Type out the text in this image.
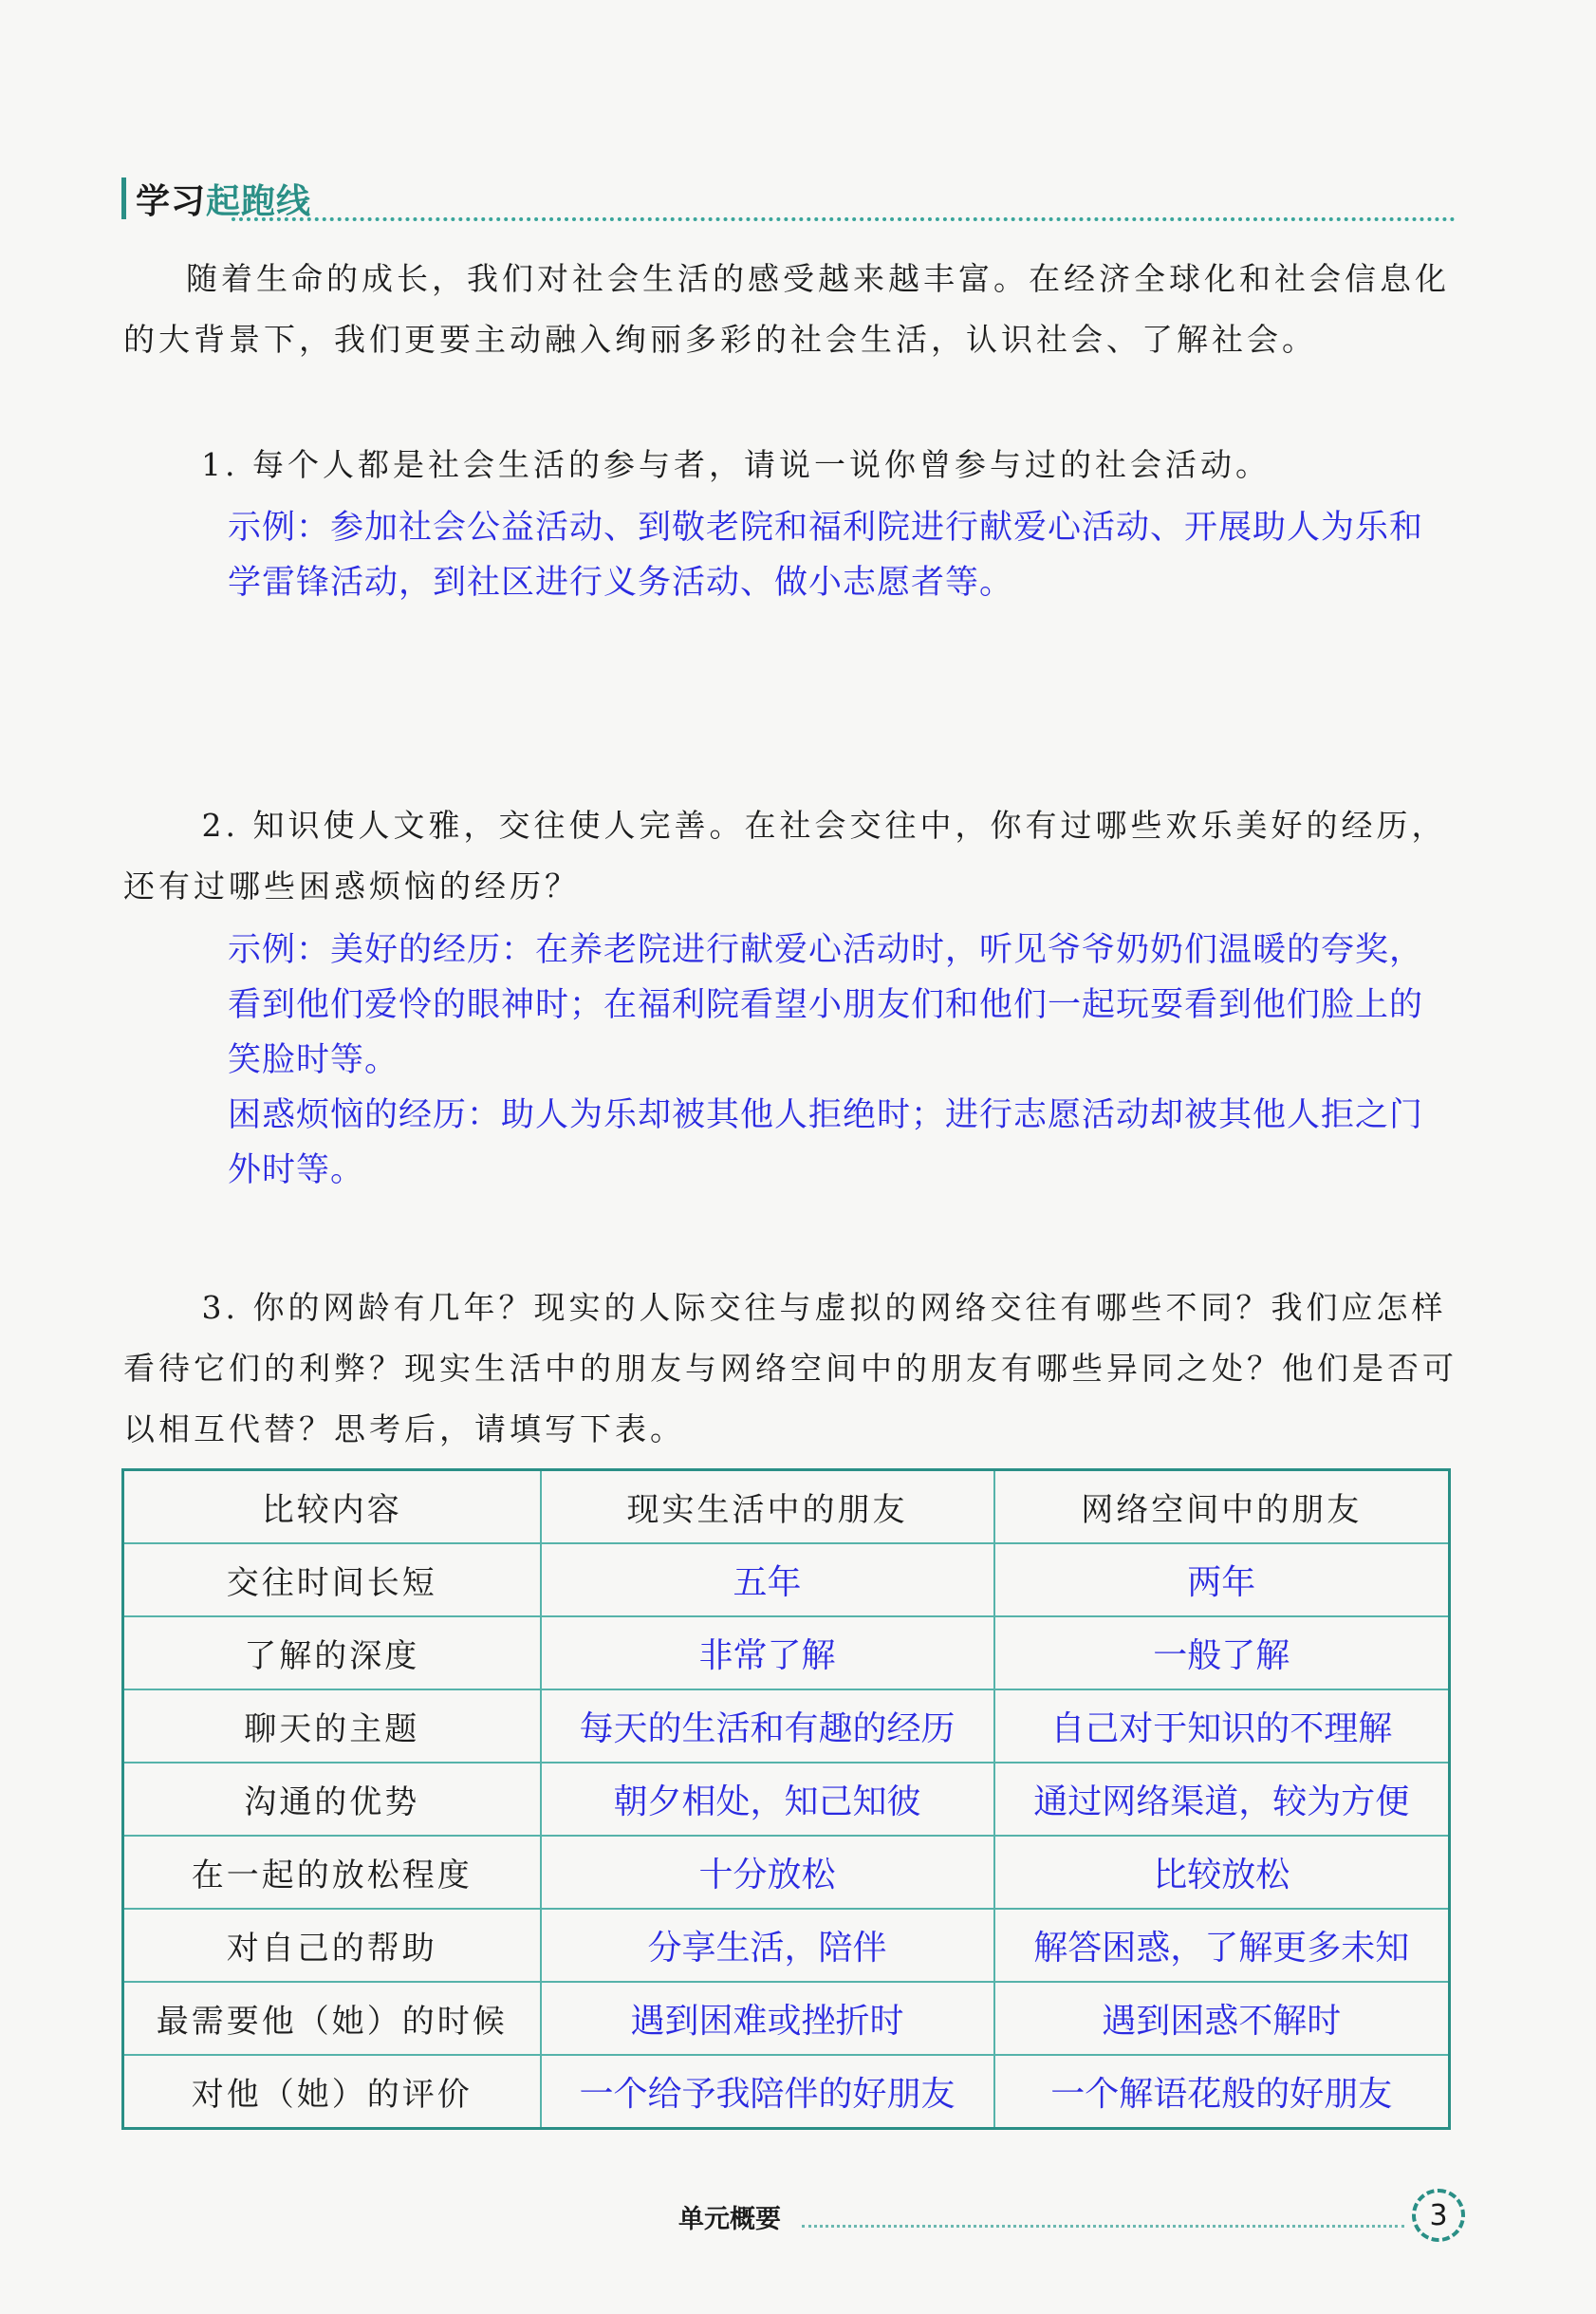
学习 起跑线
随着生命的成长，我们对社会生活的感受越来越丰富。在经济全球化和社会信息化的大背景下，我们更要主动融入绚丽多彩的社会生活，认识社会、了解社会。
1. 每个人都是社会生活的参与者，请说一说你曾参与过的社会活动。
示例：参加社会公益活动、到敬老院和福利院进行献爱心活动、开展助人为乐和学雷锋活动，到社区进行义务活动、做小志愿者等。
2. 知识使人文雅，交往使人完善。在社会交往中，你有过哪些欢乐美好的经历，还有过哪些困惑烦恼的经历？
示例：美好的经历：在养老院进行献爱心活动时，听见爷爷奶奶们温暖的夸奖，看到他们爱怜的眼神时；在福利院看望小朋友们和他们一起玩耍看到他们脸上的笑脸时等。
困惑烦恼的经历：助人为乐却被其他人拒绝时；进行志愿活动却被其他人拒之门外时等。
3. 你的网龄有几年？现实的人际交往与虚拟的网络交往有哪些不同？我们应怎样看待它们的利弊？现实生活中的朋友与网络空间中的朋友有哪些异同之处？他们是否可以相互代替？思考后，请填写下表。
比较内容	现实生活中的朋友	网络空间中的朋友
交往时间长短	五年	两年
了解的深度	非常了解	一般了解
聊天的主题	每天的生活和有趣的经历	自己对于知识的不理解
沟通的优势	朝夕相处，知己知彼	通过网络渠道，较为方便
在一起的放松程度	十分放松	比较放松
对自己的帮助	分享生活，陪伴	解答困惑，了解更多未知
最需要他（她）的时候	遇到困难或挫折时	遇到困惑不解时
对他（她）的评价	一个给予我陪伴的好朋友	一个解语花般的好朋友
单元概要	3
